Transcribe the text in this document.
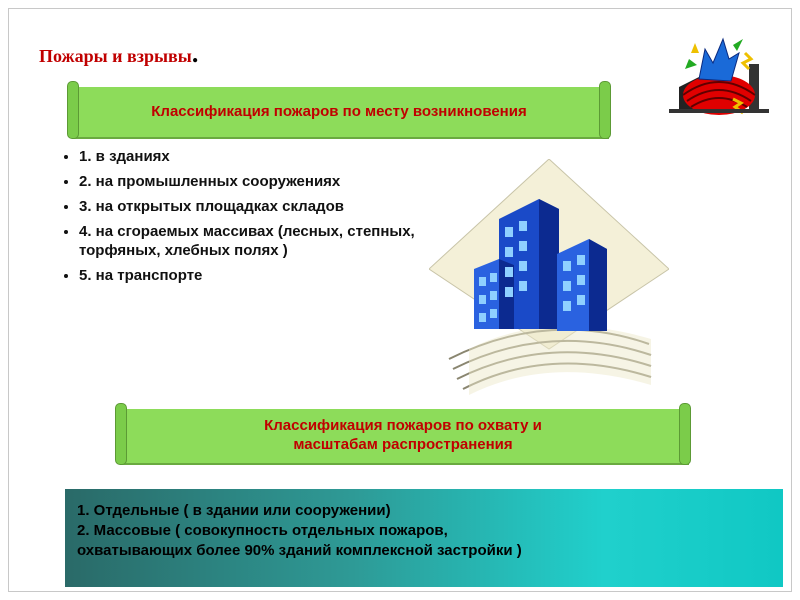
Пожары и взрывы.
Классификация пожаров по месту возникновения
• 1. в зданиях
• 2. на промышленных сооружениях
• 3. на открытых площадках складов
• 4. на сгораемых массивах (лесных, степных, торфяных, хлебных полях )
• 5. на транспорте
Классификация пожаров по охвату и
масштабам распространения
1. Отдельные ( в здании или сооружении)
2. Массовые ( совокупность отдельных пожаров,
охватывающих более 90% зданий комплексной застройки )
